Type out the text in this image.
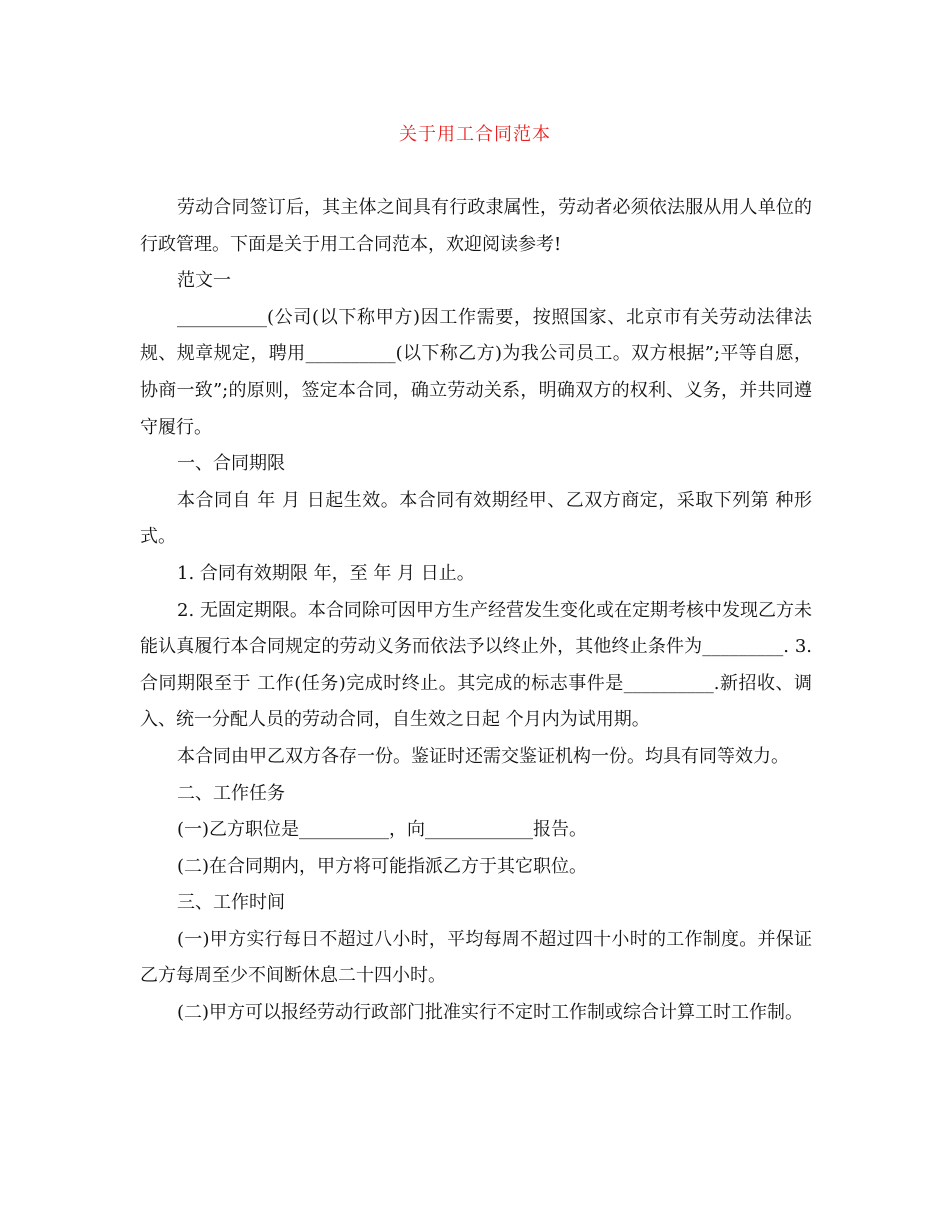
关于用工合同范本

劳动合同签订后，其主体之间具有行政隶属性，劳动者必须依法服从用人单位的行政管理。下面是关于用工合同范本，欢迎阅读参考!

范文一

__________(公司(以下称甲方)因工作需要，按照国家、北京市有关劳动法律法规、规章规定，聘用__________(以下称乙方)为我公司员工。双方根据”;平等自愿，协商一致”;的原则，签定本合同，确立劳动关系，明确双方的权利、义务，并共同遵守履行。

一、合同期限

本合同自 年 月 日起生效。本合同有效期经甲、乙双方商定，采取下列第 种形式。

1. 合同有效期限 年，至 年 月 日止。

2. 无固定期限。本合同除可因甲方生产经营发生变化或在定期考核中发现乙方未能认真履行本合同规定的劳动义务而依法予以终止外，其他终止条件为_________. 3. 合同期限至于 工作(任务)完成时终止。其完成的标志事件是__________.新招收、调入、统一分配人员的劳动合同，自生效之日起 个月内为试用期。

本合同由甲乙双方各存一份。鉴证时还需交鉴证机构一份。均具有同等效力。

二、工作任务

(一)乙方职位是__________，向____________报告。

(二)在合同期内，甲方将可能指派乙方于其它职位。

三、工作时间

(一)甲方实行每日不超过八小时，平均每周不超过四十小时的工作制度。并保证乙方每周至少不间断休息二十四小时。

(二)甲方可以报经劳动行政部门批准实行不定时工作制或综合计算工时工作制。
